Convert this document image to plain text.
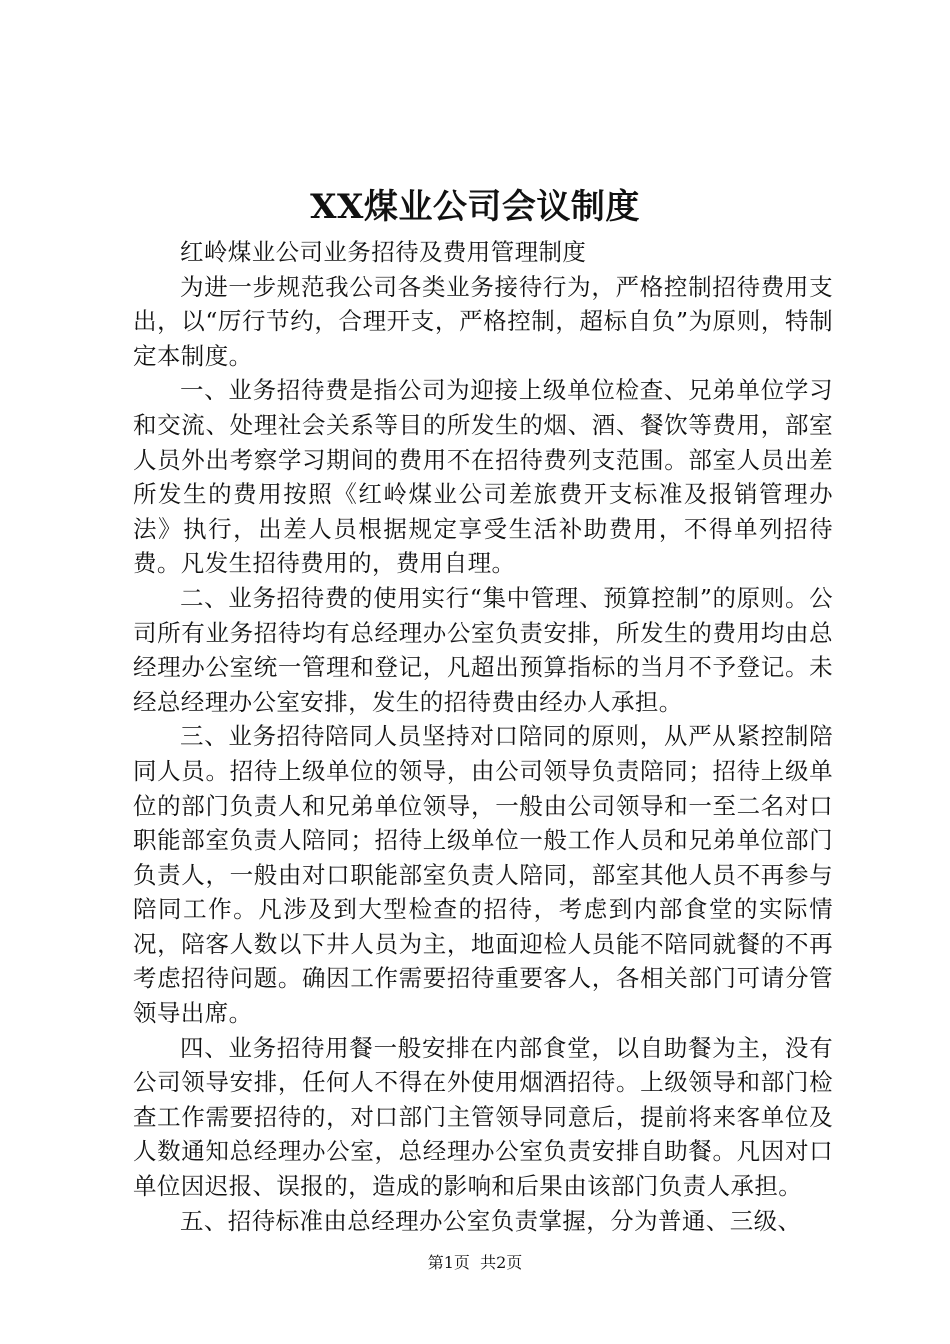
XX煤业公司会议制度

红岭煤业公司业务招待及费用管理制度

为进一步规范我公司各类业务接待行为，严格控制招待费用支出，以“厉行节约，合理开支，严格控制，超标自负”为原则，特制定本制度。

一、业务招待费是指公司为迎接上级单位检查、兄弟单位学习和交流、处理社会关系等目的所发生的烟、酒、餐饮等费用，部室人员外出考察学习期间的费用不在招待费列支范围。部室人员出差所发生的费用按照《红岭煤业公司差旅费开支标准及报销管理办法》执行，出差人员根据规定享受生活补助费用，不得单列招待费。凡发生招待费用的，费用自理。

二、业务招待费的使用实行“集中管理、预算控制”的原则。公司所有业务招待均有总经理办公室负责安排，所发生的费用均由总经理办公室统一管理和登记，凡超出预算指标的当月不予登记。未经总经理办公室安排，发生的招待费由经办人承担。

三、业务招待陪同人员坚持对口陪同的原则，从严从紧控制陪同人员。招待上级单位的领导，由公司领导负责陪同；招待上级单位的部门负责人和兄弟单位领导，一般由公司领导和一至二名对口职能部室负责人陪同；招待上级单位一般工作人员和兄弟单位部门负责人，一般由对口职能部室负责人陪同，部室其他人员不再参与陪同工作。凡涉及到大型检查的招待，考虑到内部食堂的实际情况，陪客人数以下井人员为主，地面迎检人员能不陪同就餐的不再考虑招待问题。确因工作需要招待重要客人，各相关部门可请分管领导出席。

四、业务招待用餐一般安排在内部食堂，以自助餐为主，没有公司领导安排，任何人不得在外使用烟酒招待。上级领导和部门检查工作需要招待的，对口部门主管领导同意后，提前将来客单位及人数通知总经理办公室，总经理办公室负责安排自助餐。凡因对口单位因迟报、误报的，造成的影响和后果由该部门负责人承担。

五、招待标准由总经理办公室负责掌握，分为普通、三级、

第1页 共2页
